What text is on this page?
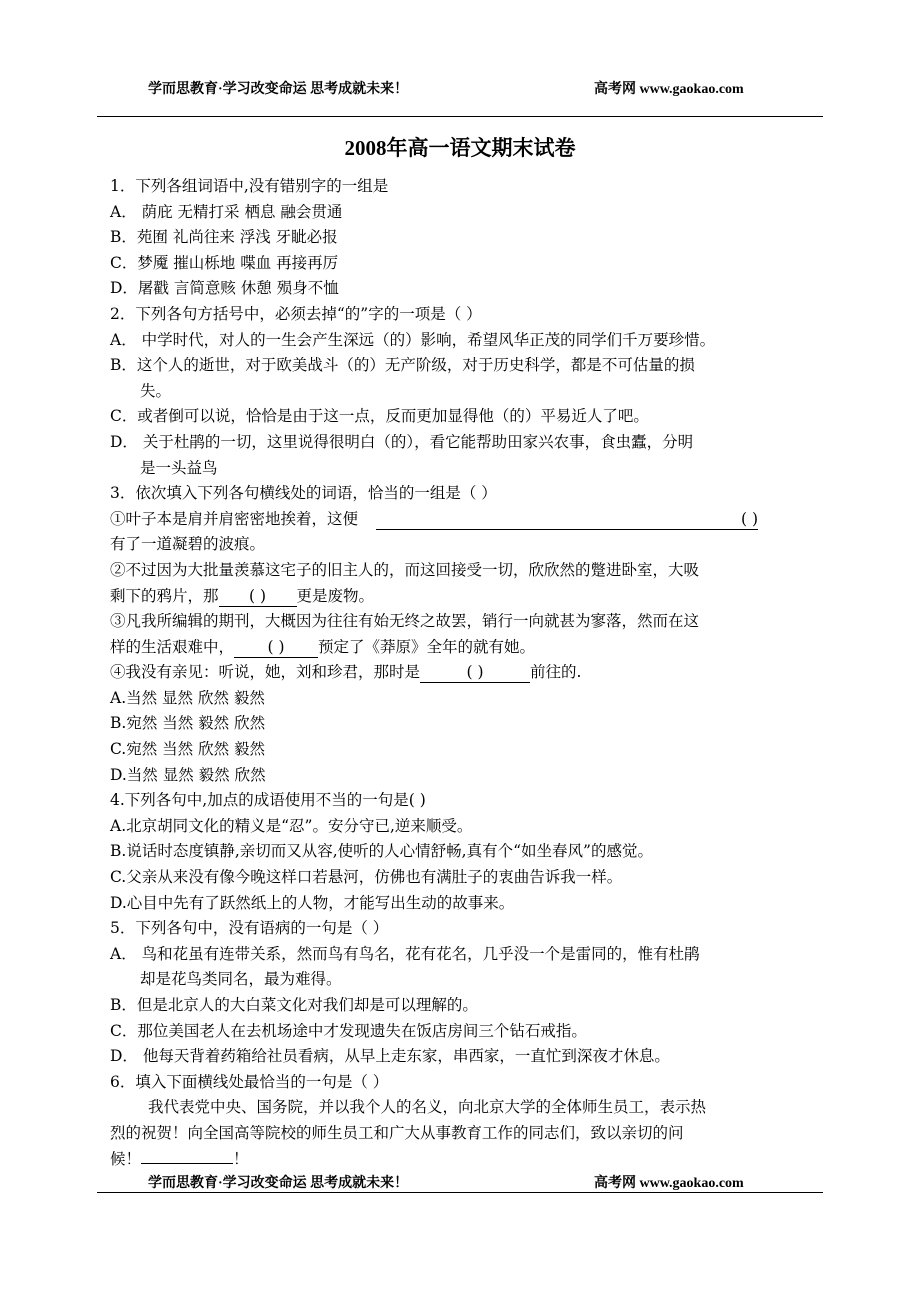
学而思教育·学习改变命运 思考成就未来！	高考网 www.gaokao.com
2008年高一语文期末试卷
1．下列各组词语中,没有错别字的一组是
A． 荫庇 无精打采 栖息 融会贯通
B．苑囿 礼尚往来 浮浅 牙眦必报
C．梦魇 摧山栎地 喋血 再接再厉
D．屠戳 言简意赅 休憩 殒身不恤
2．下列各句方括号中，必须去掉“的”字的一项是（ ）
A． 中学时代，对人的一生会产生深远（的）影响，希望风华正茂的同学们千万要珍惜。
B．这个人的逝世，对于欧美战斗（的）无产阶级，对于历史科学，都是不可估量的损
失。
C．或者倒可以说，恰恰是由于这一点，反而更加显得他（的）平易近人了吧。
D． 关于杜鹃的一切，这里说得很明白（的），看它能帮助田家兴农事，食虫蠹，分明
是一头益鸟
3．依次填入下列各句横线处的词语，恰当的一组是（ ）
①叶子本是肩并肩密密地挨着，这便	( )
有了一道凝碧的波痕。
②不过因为大批量羡慕这宅子的旧主人的，而这回接受一切，欣欣然的蹩进卧室，大吸
剩下的鸦片，那 ( ) 更是废物。
③凡我所编辑的期刊，大概因为往往有始无终之故罢，销行一向就甚为寥落，然而在这
样的生活艰难中， ( ) 预定了《莽原》全年的就有她。
④我没有亲见：听说，她，刘和珍君，那时是	( )	前往的.
A.当然 显然 欣然 毅然
B.宛然 当然 毅然 欣然
C.宛然 当然 欣然 毅然
D.当然 显然 毅然 欣然
4.下列各句中,加点的成语使用不当的一句是( )
A.北京胡同文化的精义是“忍”。安分守已,逆来顺受。
B.说话时态度镇静,亲切而又从容,使听的人心情舒畅,真有个“如坐春风”的感觉。
C.父亲从来没有像今晚这样口若悬河，仿佛也有满肚子的衷曲告诉我一样。
D.心目中先有了跃然纸上的人物，才能写出生动的故事来。
5．下列各句中，没有语病的一句是（ ）
A． 鸟和花虽有连带关系，然而鸟有鸟名，花有花名，几乎没一个是雷同的，惟有杜鹃
却是花鸟类同名，最为难得。
B．但是北京人的大白菜文化对我们却是可以理解的。
C．那位美国老人在去机场途中才发现遗失在饭店房间三个钻石戒指。
D． 他每天背着药箱给社员看病，从早上走东家，串西家，一直忙到深夜才休息。
6．填入下面横线处最恰当的一句是（ ）
我代表党中央、国务院，并以我个人的名义，向北京大学的全体师生员工，表示热
烈的祝贺！向全国高等院校的师生员工和广大从事教育工作的同志们，致以亲切的问
候！	！
学而思教育·学习改变命运 思考成就未来！	高考网 www.gaokao.com
